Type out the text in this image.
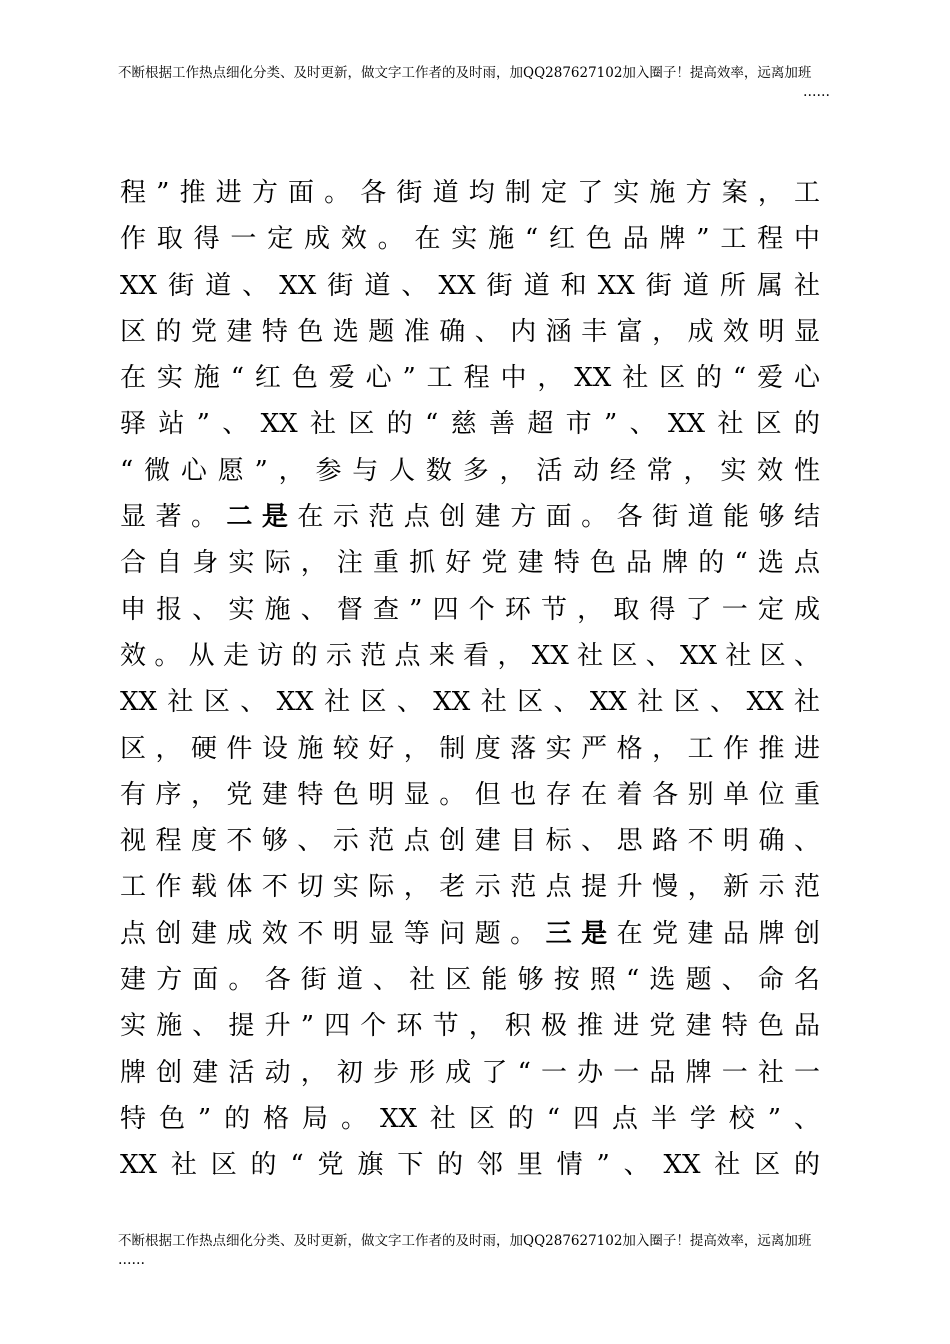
不断根据工作热点细化分类、及时更新，做文字工作者的及时雨，加QQ287627102加入圈子！提高效率，远离加班
……
程”推进方面。各街道均制定了实施方案，工
作取得一定成效。在实施“红色品牌”工程中
XX街道、XX街道、XX街道和XX街道所属社
区的党建特色选题准确、内涵丰富，成效明显
在实施“红色爱心”工程中，XX社区的“爱心
驿站”、XX社区的“慈善超市”、XX社区的
“微心愿”，参与人数多，活动经常，实效性
显著。二是在示范点创建方面。各街道能够结
合自身实际，注重抓好党建特色品牌的“选点
申报、实施、督查”四个环节，取得了一定成
效。从走访的示范点来看，XX社区、XX社区、
XX社区、XX社区、XX社区、XX社区、XX社
区，硬件设施较好，制度落实严格，工作推进
有序，党建特色明显。但也存在着各别单位重
视程度不够、示范点创建目标、思路不明确、
工作载体不切实际，老示范点提升慢，新示范
点创建成效不明显等问题。三是在党建品牌创
建方面。各街道、社区能够按照“选题、命名
实施、提升”四个环节，积极推进党建特色品
牌创建活动，初步形成了“一办一品牌一社一
特色”的格局。XX社区的“四点半学校”、
XX社区的“党旗下的邻里情”、XX社区的
不断根据工作热点细化分类、及时更新，做文字工作者的及时雨，加QQ287627102加入圈子！提高效率，远离加班
……
